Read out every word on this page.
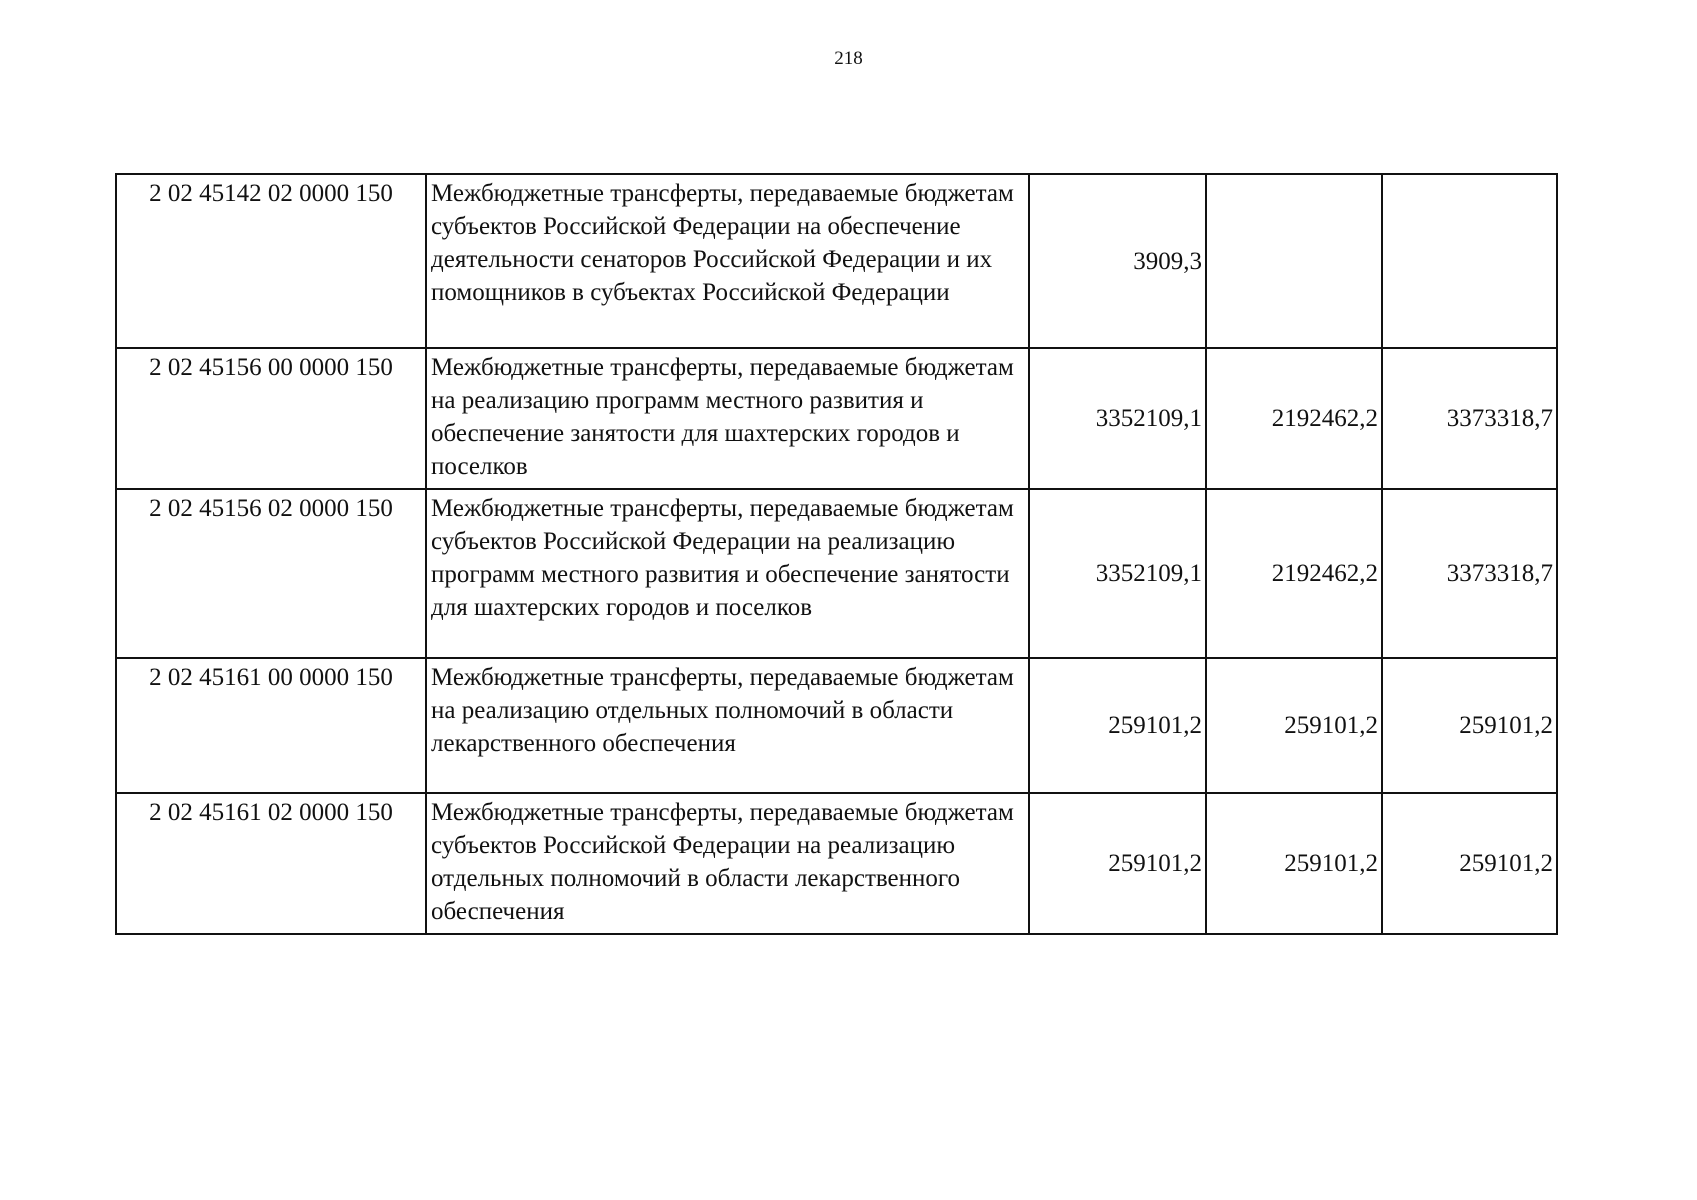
218
2 02 45142 02 0000 150	Межбюджетные трансферты, передаваемые бюджетам субъектов Российской Федерации на обеспечение деятельности сенаторов Российской Федерации и их помощников в субъектах Российской Федерации	3909,3		
2 02 45156 00 0000 150	Межбюджетные трансферты, передаваемые бюджетам на реализацию программ местного развития и обеспечение занятости для шахтерских городов и поселков	3352109,1	2192462,2	3373318,7
2 02 45156 02 0000 150	Межбюджетные трансферты, передаваемые бюджетам субъектов Российской Федерации на реализацию программ местного развития и обеспечение занятости для шахтерских городов и поселков	3352109,1	2192462,2	3373318,7
2 02 45161 00 0000 150	Межбюджетные трансферты, передаваемые бюджетам на реализацию отдельных полномочий в области лекарственного обеспечения	259101,2	259101,2	259101,2
2 02 45161 02 0000 150	Межбюджетные трансферты, передаваемые бюджетам субъектов Российской Федерации на реализацию отдельных полномочий в области лекарственного обеспечения	259101,2	259101,2	259101,2
